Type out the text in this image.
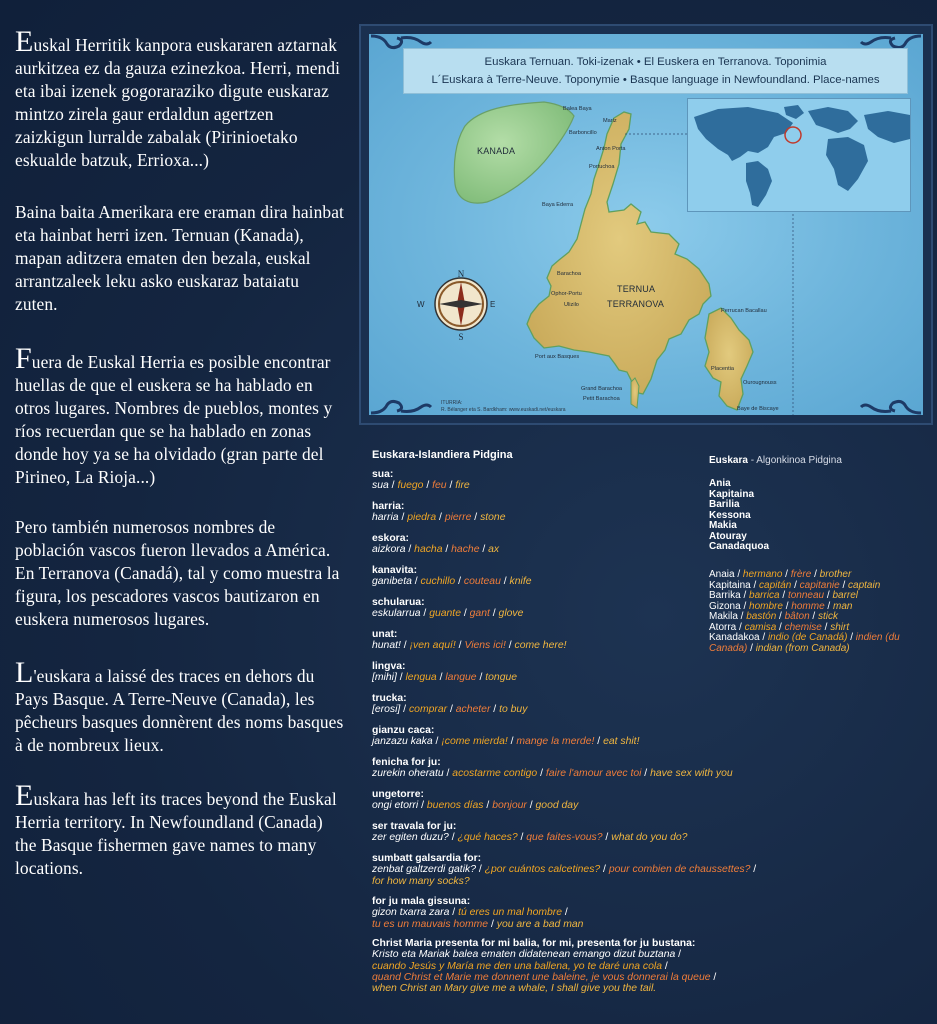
Euskal Herritik kanpora euskararen aztarnak aurkitzea ez da gauza ezinezkoa. Herri, mendi eta ibai izenek gogoraraziko digute euskaraz mintzo zirela gaur erdaldun agertzen zaizkigun lurralde zabalak (Pirinioetako eskualde batzuk, Errioxa...)

Baina baita Amerikara ere eraman dira hainbat eta hainbat herri izen. Ternuan (Kanada), mapan aditzera ematen den bezala, euskal arrantzaleek leku asko euskaraz bataiatu zuten.

Fuera de Euskal Herria es posible encontrar huellas de que el euskera se ha hablado en otros lugares. Nombres de pueblos, montes y ríos recuerdan que se ha hablado en zonas donde hoy ya se ha olvidado (gran parte del Pirineo, La Rioja...)

Pero también numerosos nombres de población vascos fueron llevados a América. En Terranova (Canadá), tal y como muestra la figura, los pescadores vascos bautizaron en euskera numerosos lugares.

L'euskara a laissé des traces en dehors du Pays Basque. A Terre-Neuve (Canada), les pêcheurs basques donnèrent des noms basques à de nombreux lieux.

Euskara has left its traces beyond the Euskal Herria territory. In Newfoundland (Canada) the Basque fishermen gave names to many locations.

Euskara Ternuan. Toki-izenak • El Euskera en Terranova. Toponimia
L´Euskara à Terre-Neuve. Toponymie • Basque language in Newfoundland. Place-names
N
S
W	E
KANADA
TERNUA
TERRANOVA
Balea Baya
Mariz
Barboncillo
Anton Porta
Portuchoa
Baya Ederra
Barachoa
Ophor-Portu
Ulizilo
Port aux Basques
Grand Barachoa
Petit Barachoa
Perrucan Bacallau
Placentia
Ourougnouss
Baye de Biscaye
ITURRIA:
R. Bélanger eta S. Bardkham: www.euskadi.net/euskara
Euskara-Islandiera Pidgina
sua:
sua / fuego / feu / fire
harria:
harria / piedra / pierre / stone
eskora:
aizkora / hacha / hache / ax
kanavita:
ganibeta / cuchillo / couteau / knife
schularua:
eskularrua / guante / gant / glove
unat:
hunat! / ¡ven aquí! / Viens ici! / come here!
lingva:
[mihi] / lengua / langue / tongue
trucka:
[erosi] / comprar / acheter / to buy
gianzu caca:
janzazu kaka / ¡come mierda! / mange la merde! / eat shit!
fenicha for ju:
zurekin oheratu / acostarme contigo / faire l'amour avec toi / have sex with you
ungetorre:
ongi etorri / buenos días / bonjour / good day
ser travala for ju:
zer egiten duzu? / ¿qué haces? / que faites-vous? / what do you do?
sumbatt galsardia for:
zenbat galtzerdi gatik? / ¿por cuántos calcetines? / pour combien de chaussettes? /
for how many socks?
for ju mala gissuna:
gizon txarra zara / tú eres un mal hombre /
tu es un mauvais homme / you are a bad man
Christ Maria presenta for mi balia, for mi, presenta for ju bustana:
Kristo eta Mariak balea ematen didatenean emango dizut buztana /
cuando Jesús y María me den una ballena, yo te daré una cola /
quand Christ et Marie me donnent une baleine, je vous donnerai la queue /
when Christ an Mary give me a whale, I shall give you the tail.
Euskara - Algonkinoa Pidgina
Ania
Kapitaina
Barilia
Kessona
Makia
Atouray
Canadaquoa
Anaia / hermano / frère / brother
Kapitaina / capitán / capitanie / captain
Barrika / barrica / tonneau / barrel
Gizona / hombre / homme / man
Makila / bastón / bâton / stick
Atorra / camisa / chemise / shirt
Kanadakoa / indio (de Canadá) / indien (du Canada) / indian (from Canada)
